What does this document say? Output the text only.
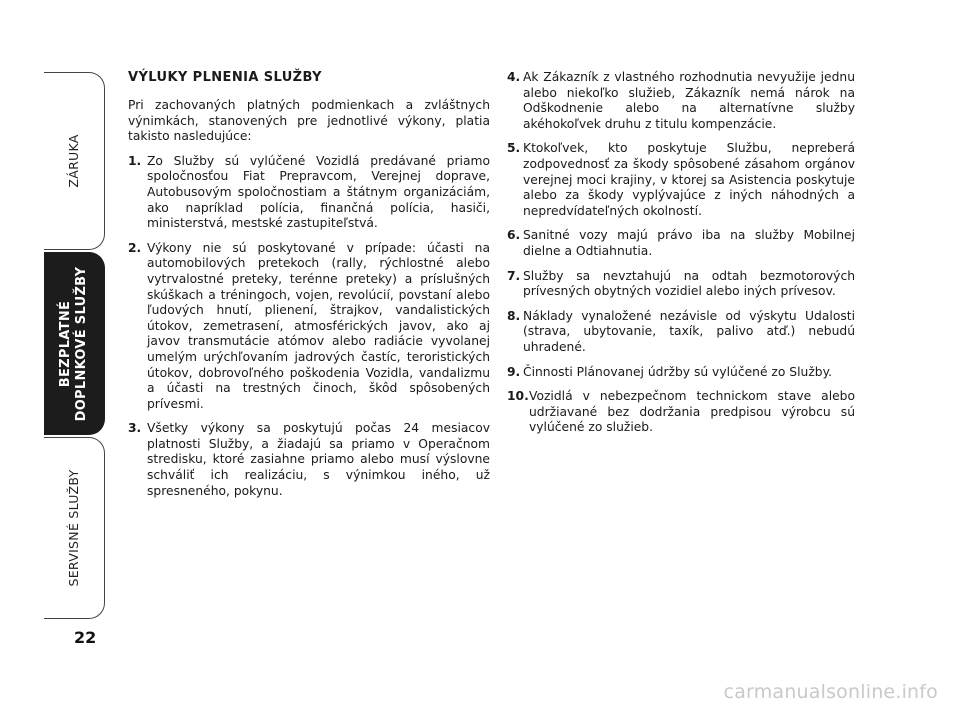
ZÁRUKA
BEZPLATNÉ DOPLNKOVÉ SLUŽBY
SERVISNÉ SLUŽBY
22
VÝLUKY PLNENIA SLUŽBY

Pri zachovaných platných podmienkach a zvláštnych výnimkách, stanovených pre jednotlivé výkony, platia takisto nasledujúce:

1. Zo Služby sú vylúčené Vozidlá predávané priamo spoločnosťou Fiat Prepravcom, Verejnej doprave, Autobusovým spoločnostiam a štátnym organizáciám, ako napríklad polícia, finančná polícia, hasiči, ministerstvá, mestské zastupiteľstvá.
2. Výkony nie sú poskytované v prípade: účasti na automobilových pretekoch (rally, rýchlostné alebo vytrvalostné preteky, terénne preteky) a príslušných skúškach a tréningoch, vojen, revolúcií, povstaní alebo ľudových hnutí, plienení, štrajkov, vandalistických útokov, zemetrasení, atmosférických javov, ako aj javov transmutácie atómov alebo radiácie vyvolanej umelým urýchľovaním jadrových častíc, teroristických útokov, dobrovoľného poškodenia Vozidla, vandalizmu a účasti na trestných činoch, škôd spôsobených prívesmi.
3. Všetky výkony sa poskytujú počas 24 mesiacov platnosti Služby, a žiadajú sa priamo v Operačnom stredisku, ktoré zasiahne priamo alebo musí výslovne schváliť ich realizáciu, s výnimkou iného, už spresneného, pokynu.
4. Ak Zákazník z vlastného rozhodnutia nevyužije jednu alebo niekoľko služieb, Zákazník nemá nárok na Odškodnenie alebo na alternatívne služby akéhokoľvek druhu z titulu kompenzácie.
5. Ktokoľvek, kto poskytuje Službu, nepreberá zodpovednosť za škody spôsobené zásahom orgánov verejnej moci krajiny, v ktorej sa Asistencia poskytuje alebo za škody vyplývajúce z iných náhodných a nepredvídateľných okolností.
6. Sanitné vozy majú právo iba na služby Mobilnej dielne a Odtiahnutia.
7. Služby sa nevztahujú na odtah bezmotorových prívesných obytných vozidiel alebo iných prívesov.
8. Náklady vynaložené nezávisle od výskytu Udalosti (strava, ubytovanie, taxík, palivo atď.) nebudú uhradené.
9. Činnosti Plánovanej údržby sú vylúčené zo Služby.
10. Vozidlá v nebezpečnom technickom stave alebo udržiavané bez dodržania predpisou výrobcu sú vylúčené zo služieb.
carmanualsonline.info
